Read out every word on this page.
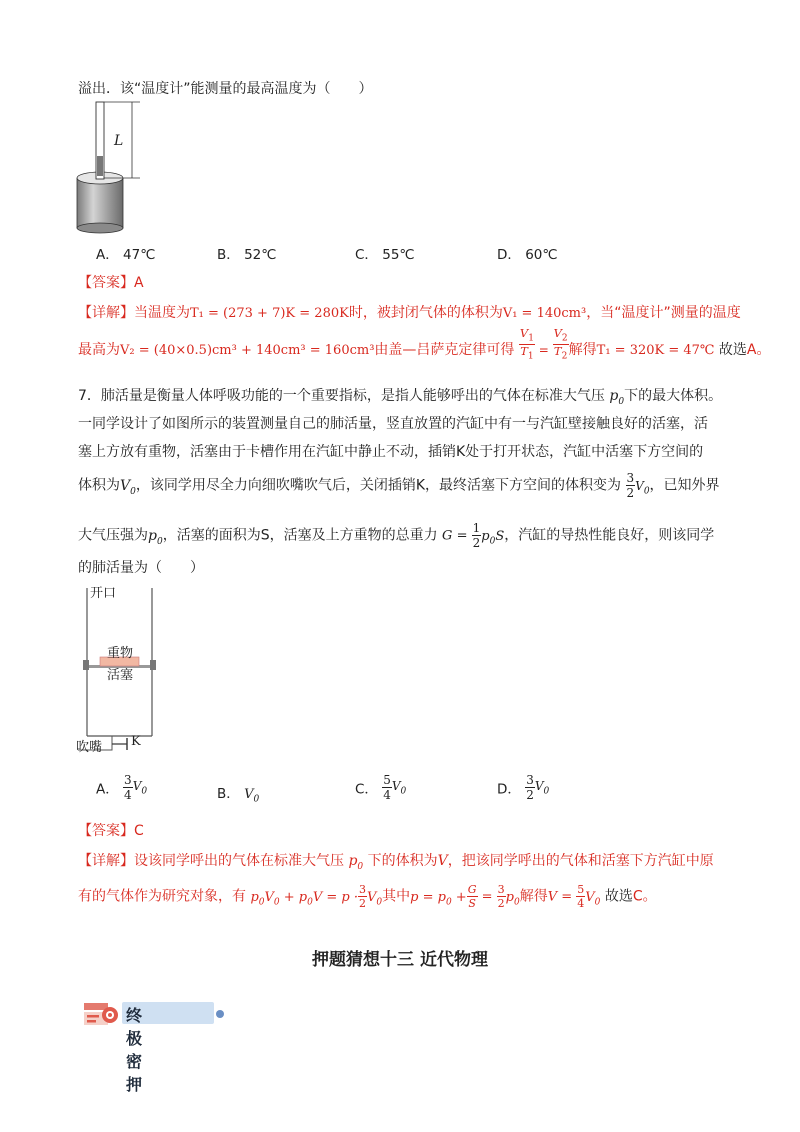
溢出．该“温度计”能测量的最高温度为（　　）
L
A． 47℃	B． 52℃	C． 55℃	D． 60℃
【答案】A
【详解】当温度为T₁ = (273 + 7)K = 280K时，被封闭气体的体积为V₁ = 140cm³，当“温度计”测量的温度
最高为V₂ = (40×0.5)cm³ + 140cm³ = 160cm³由盖—吕萨克定律可得 $\frac{V_1}{T_1} = \frac{V_2}{T_2}$ 解得T₁ = 320K = 47℃ 故选A。
7．肺活量是衡量人体呼吸功能的一个重要指标，是指人能够呼出的气体在标准大气压 $p_0$下的最大体积。
一同学设计了如图所示的装置测量自己的肺活量，竖直放置的汽缸中有一与汽缸壁接触良好的活塞，活
塞上方放有重物，活塞由于卡槽作用在汽缸中静止不动，插销K处于打开状态，汽缸中活塞下方空间的
体积为$V_0$，该同学用尽全力向细吹嘴吹气后，关闭插销K，最终活塞下方空间的体积变为 $\frac{3}{2} V_0$，已知外界
大气压强为$p_0$，活塞的面积为S，活塞及上方重物的总重力 $G = \frac{1}{2} p_0S$，汽缸的导热性能良好，则该同学
的肺活量为（　　）
开口
重物
活塞
吹嘴 K
A． $\frac{3}{4} V_0$	B． $V_0$
C． $\frac{5}{4} V_0$	D． $\frac{3}{2} V_0$
【答案】C
【详解】设该同学呼出的气体在标准大气压 $p_0$ 下的体积为V，把该同学呼出的气体和活塞下方汽缸中原
有的气体作为研究对象，有 $p_0V_0 + p_0V = p \cdot \frac{3}{2} V_0$其中$p = p_0 + \frac{G}{S} = \frac{3}{2} p_0$解得$V = \frac{5}{4} V_0$ 故选C。
押题猜想十三 近代物理
终极密押
